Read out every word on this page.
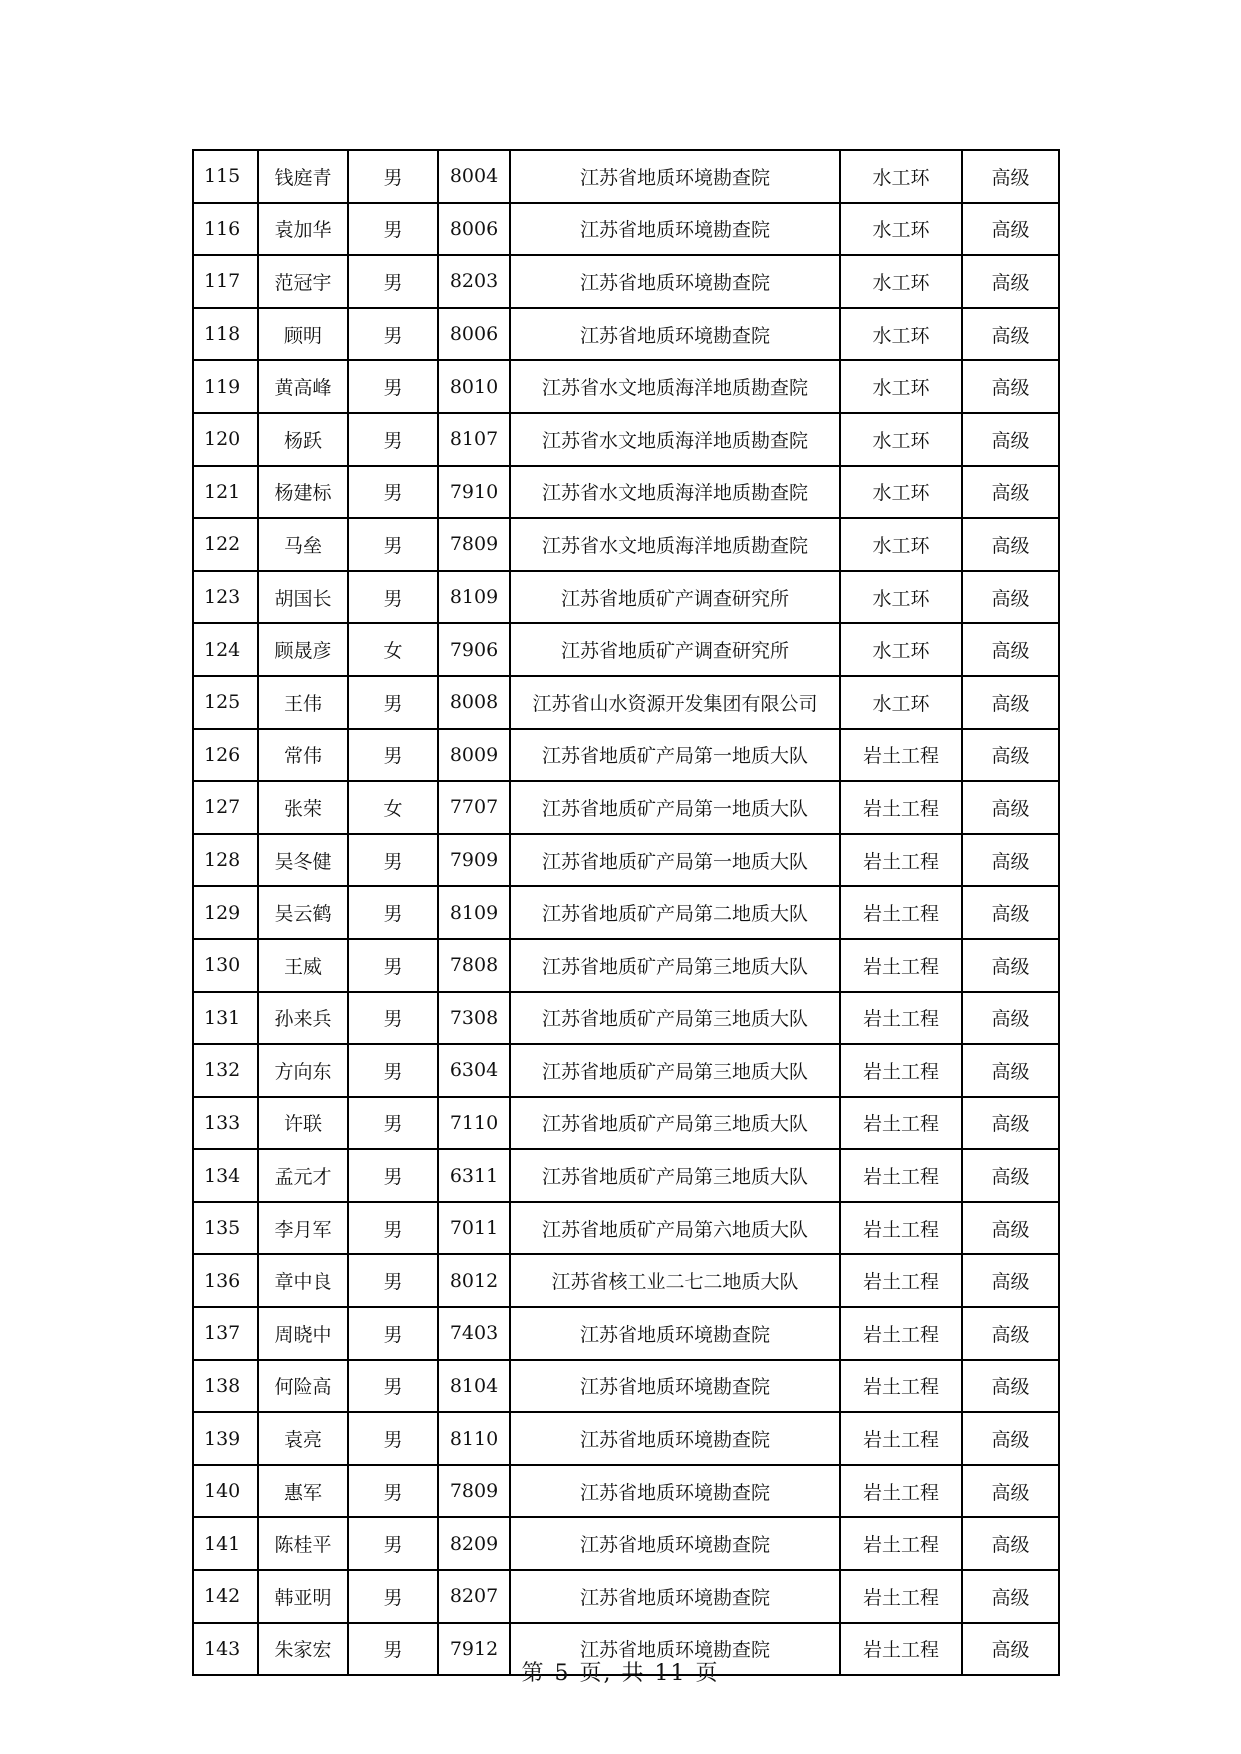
115	钱庭青	男	8004	江苏省地质环境勘查院	水工环	高级
116	袁加华	男	8006	江苏省地质环境勘查院	水工环	高级
117	范冠宇	男	8203	江苏省地质环境勘查院	水工环	高级
118	顾明	男	8006	江苏省地质环境勘查院	水工环	高级
119	黄高峰	男	8010	江苏省水文地质海洋地质勘查院	水工环	高级
120	杨跃	男	8107	江苏省水文地质海洋地质勘查院	水工环	高级
121	杨建标	男	7910	江苏省水文地质海洋地质勘查院	水工环	高级
122	马垒	男	7809	江苏省水文地质海洋地质勘查院	水工环	高级
123	胡国长	男	8109	江苏省地质矿产调查研究所	水工环	高级
124	顾晟彦	女	7906	江苏省地质矿产调查研究所	水工环	高级
125	王伟	男	8008	江苏省山水资源开发集团有限公司	水工环	高级
126	常伟	男	8009	江苏省地质矿产局第一地质大队	岩土工程	高级
127	张荣	女	7707	江苏省地质矿产局第一地质大队	岩土工程	高级
128	吴冬健	男	7909	江苏省地质矿产局第一地质大队	岩土工程	高级
129	吴云鹤	男	8109	江苏省地质矿产局第二地质大队	岩土工程	高级
130	王威	男	7808	江苏省地质矿产局第三地质大队	岩土工程	高级
131	孙来兵	男	7308	江苏省地质矿产局第三地质大队	岩土工程	高级
132	方向东	男	6304	江苏省地质矿产局第三地质大队	岩土工程	高级
133	许联	男	7110	江苏省地质矿产局第三地质大队	岩土工程	高级
134	孟元才	男	6311	江苏省地质矿产局第三地质大队	岩土工程	高级
135	李月军	男	7011	江苏省地质矿产局第六地质大队	岩土工程	高级
136	章中良	男	8012	江苏省核工业二七二地质大队	岩土工程	高级
137	周晓中	男	7403	江苏省地质环境勘查院	岩土工程	高级
138	何险高	男	8104	江苏省地质环境勘查院	岩土工程	高级
139	袁亮	男	8110	江苏省地质环境勘查院	岩土工程	高级
140	惠军	男	7809	江苏省地质环境勘查院	岩土工程	高级
141	陈桂平	男	8209	江苏省地质环境勘查院	岩土工程	高级
142	韩亚明	男	8207	江苏省地质环境勘查院	岩土工程	高级
143	朱家宏	男	7912	江苏省地质环境勘查院	岩土工程	高级
第 5 页, 共 11 页
